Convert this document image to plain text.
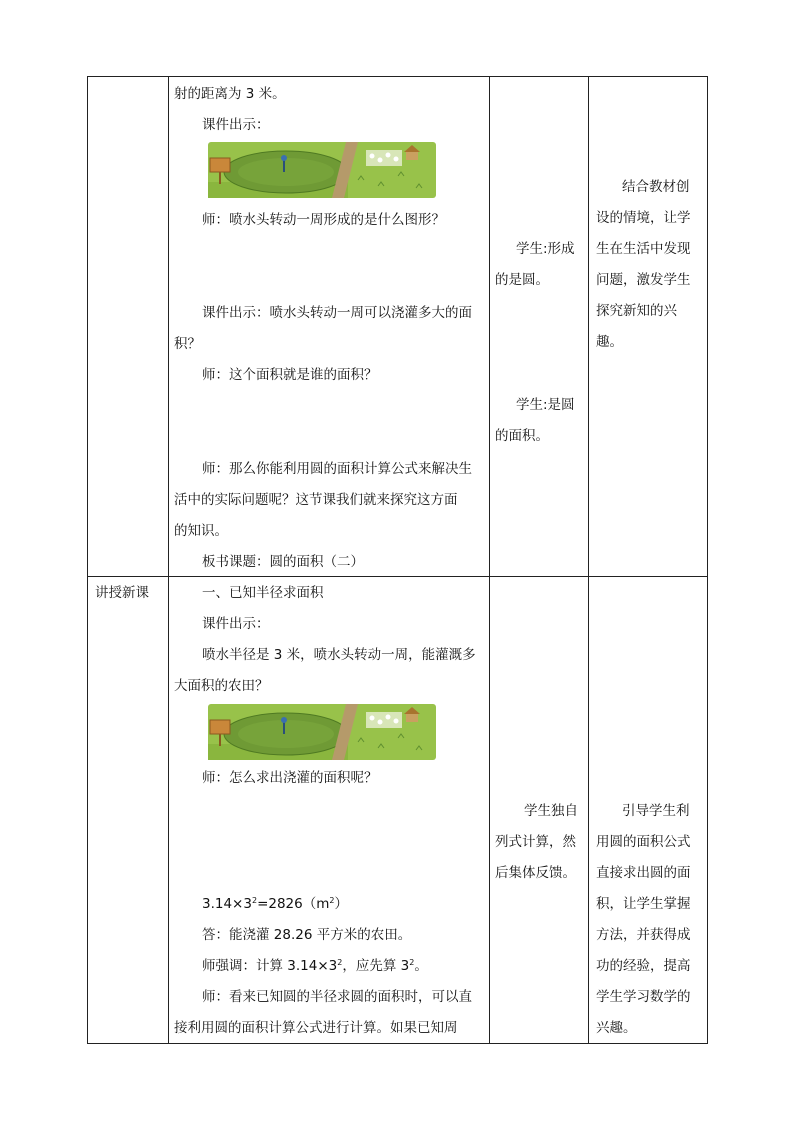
射的距离为 3 米。
课件出示：
师：喷水头转动一周形成的是什么图形？
课件出示：喷水头转动一周可以浇灌多大的面
积？
师：这个面积就是谁的面积？
师：那么你能利用圆的面积计算公式来解决生
活中的实际问题呢？这节课我们就来探究这方面
的知识。
板书课题：圆的面积（二）
学生:形成
的是圆。
学生:是圆
的面积。
结合教材创
设的情境，让学
生在生活中发现
问题，激发学生
探究新知的兴
趣。
讲授新课	一、已知半径求面积
课件出示：
喷水半径是 3 米，喷水头转动一周，能灌溉多
大面积的农田？
师：怎么求出浇灌的面积呢？
$3.14\times 3^2=2826(m^2)$
答：能浇灌 28.26 平方米的农田。
师强调：计算 $3.14\times 3^2$，应先算 $3^2$。
师：看来已知圆的半径求圆的面积时，可以直
接利用圆的面积计算公式进行计算。如果已知周
学生独自
列式计算，然
后集体反馈。
引导学生利
用圆的面积公式
直接求出圆的面
积，让学生掌握
方法，并获得成
功的经验，提高
学生学习数学的
兴趣。
